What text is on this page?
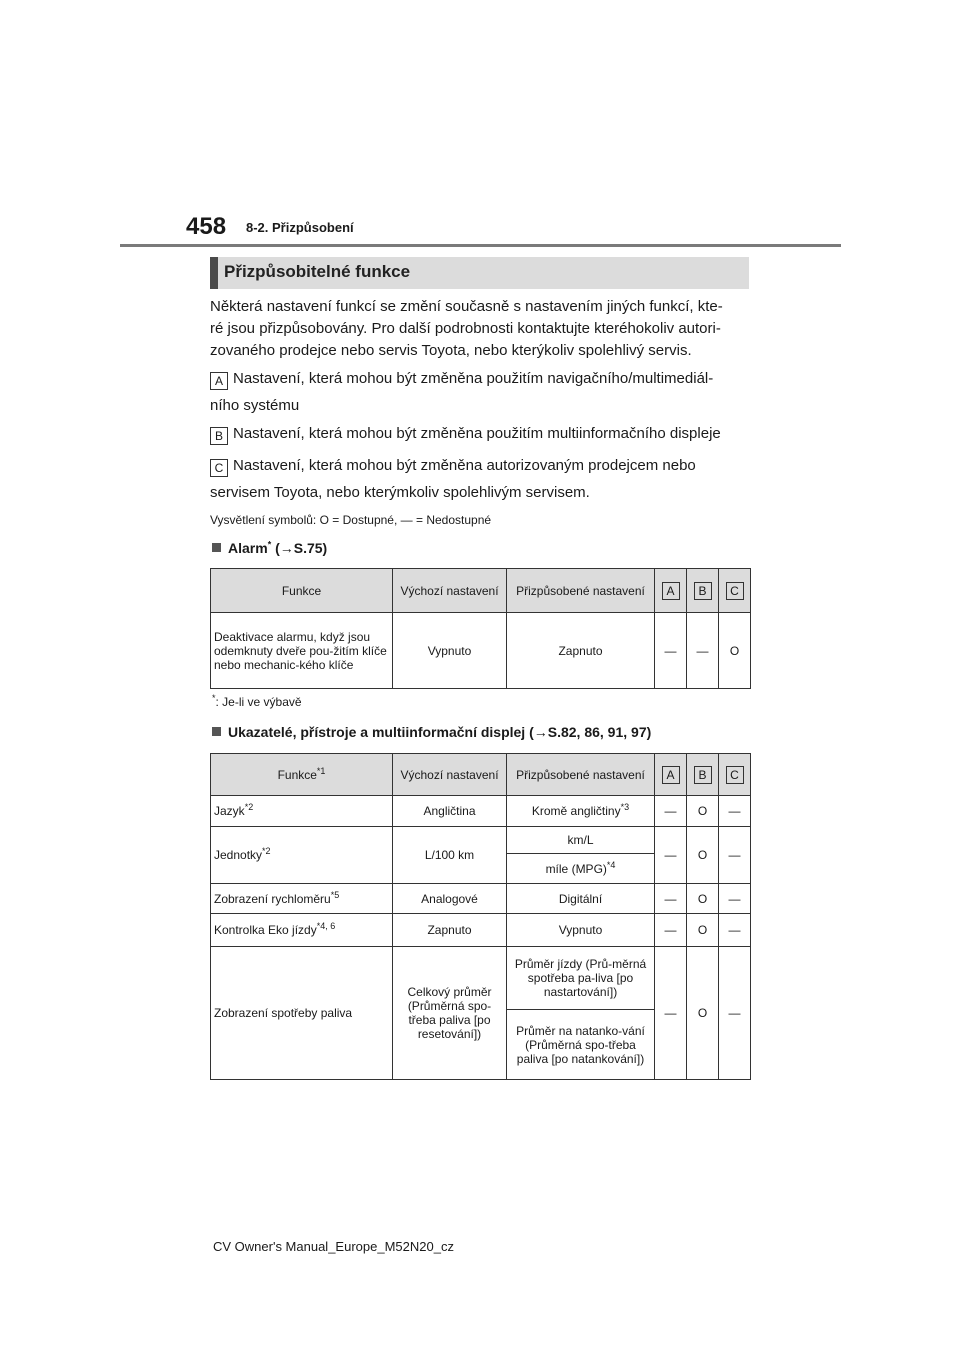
458 8-2. Přizpůsobení
Přizpůsobitelné funkce
Některá nastavení funkcí se změní současně s nastavením jiných funkcí, kte-
ré jsou přizpůsobovány. Pro další podrobnosti kontaktujte kteréhokoliv autori-
zovaného prodejce nebo servis Toyota, nebo kterýkoliv spolehlivý servis.
A Nastavení, která mohou být změněna použitím navigačního/multimediál-
ního systému
B Nastavení, která mohou být změněna použitím multiinformačního displeje
C Nastavení, která mohou být změněna autorizovaným prodejcem nebo
servisem Toyota, nebo kterýmkoliv spolehlivým servisem.
Vysvětlení symbolů: O = Dostupné, — = Nedostupné
Alarm* (→S.75)
Funkce	Výchozí nastavení	Přizpůsobené nastavení	A	B	C
Deaktivace alarmu, když jsou odemknuty dveře pou-žitím klíče nebo mechanic-kého klíče	Vypnuto	Zapnuto	—	—	O
*: Je-li ve výbavě
Ukazatelé, přístroje a multiinformační displej (→S.82, 86, 91, 97)
Funkce$^{*1}$	Výchozí nastavení	Přizpůsobené nastavení	A	B	C
Jazyk$^{*2}$	Angličtina	Kromě angličtiny$^{*3}$	—	O	—
Jednotky$^{*2}$	L/100 km	km/L	—	O	—
		míle (MPG)$^{*4}$
Zobrazení rychloměru$^{*5}$	Analogové	Digitální	—	O	—
Kontrolka Eko jízdy$^{*4, 6}$	Zapnuto	Vypnuto	—	O	—
Zobrazení spotřeby paliva	Celkový průměr (Průměrná spo-třeba paliva [po resetování])	Průměr jízdy (Prů-měrná spotřeba pa-liva [po nastartování])	—	O	—
		Průměr na natanko-vání (Průměrná spo-třeba paliva [po natankování])			
CV Owner's Manual_Europe_M52N20_cz
